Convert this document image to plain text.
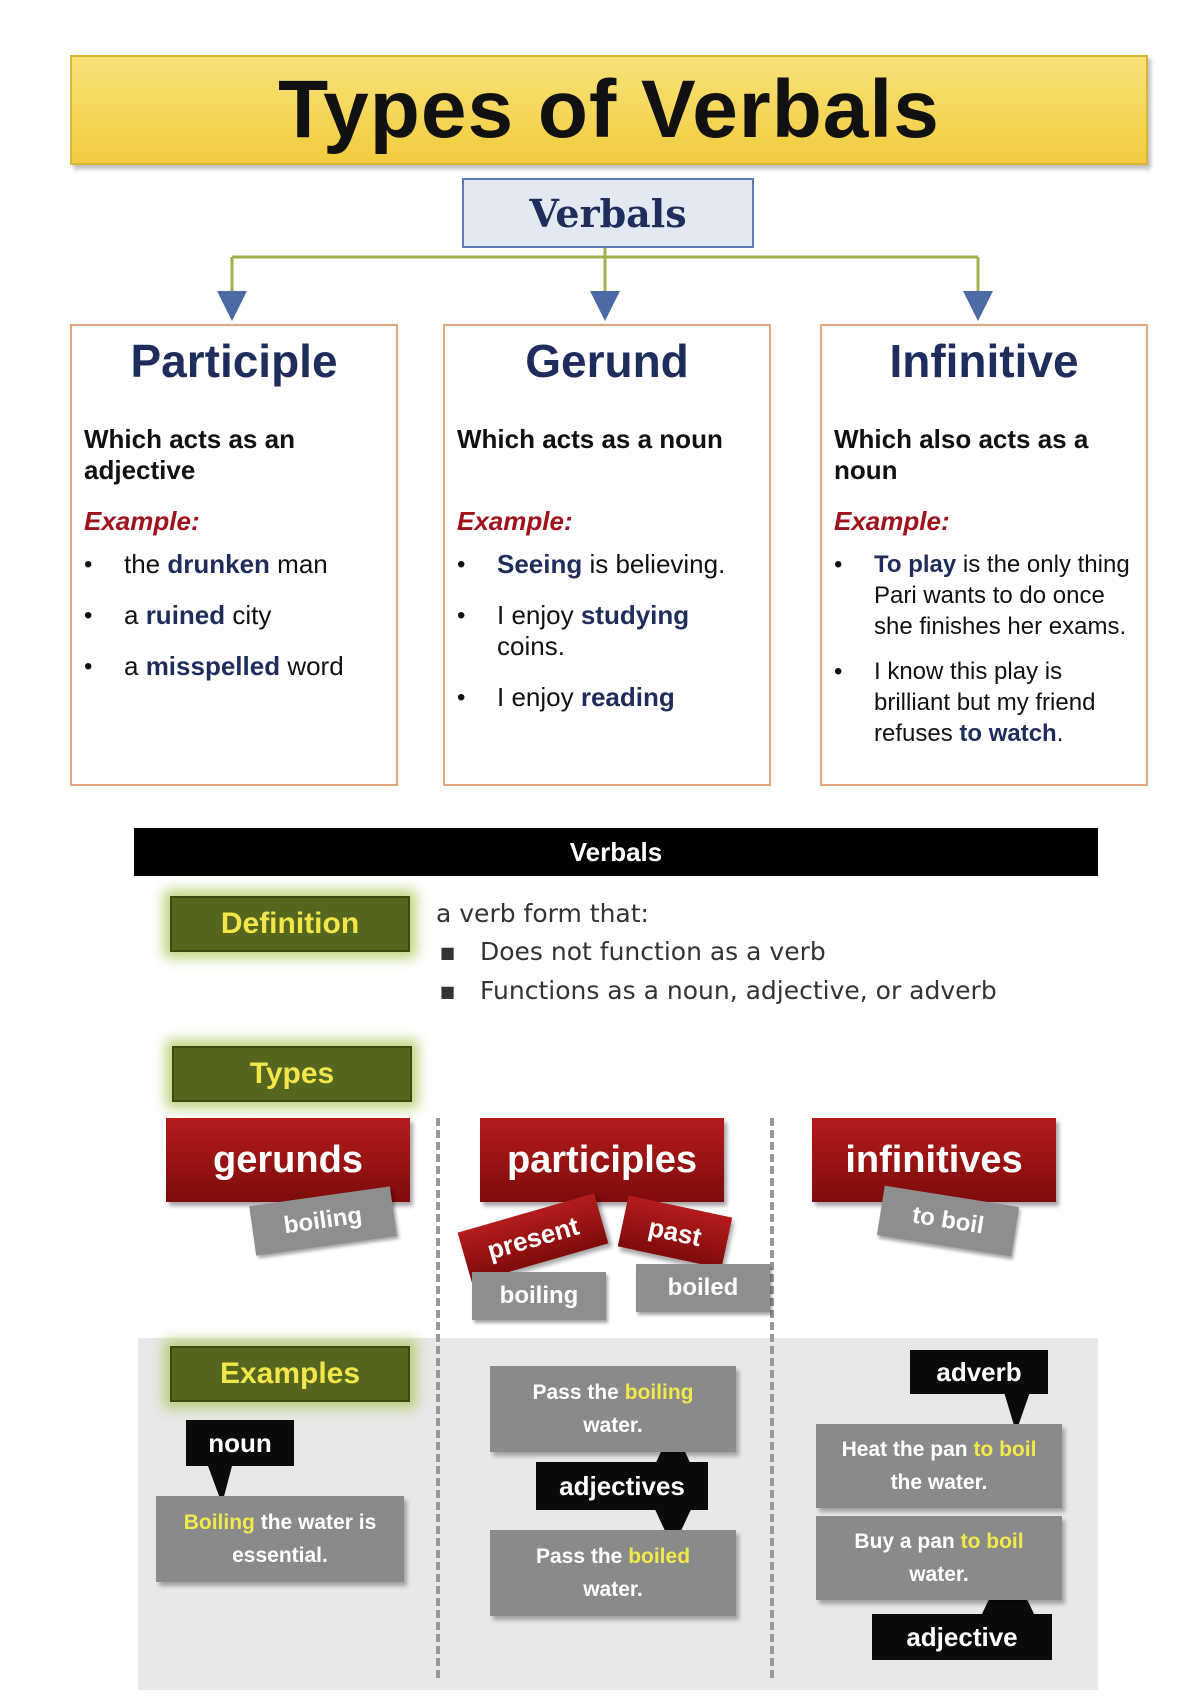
Types of Verbals
Verbals
Participle
Which acts as an adjective
Example:
• the drunken man
• a ruined city
• a misspelled word
Gerund
Which acts as a noun
Example:
• Seeing is believing.
• I enjoy studying coins.
• I enjoy reading
Infinitive
Which also acts as a noun
Example:
• To play is the only thing Pari wants to do once she finishes her exams.
• I know this play is brilliant but my friend refuses to watch.
Verbals
Definition	a verb form that:
■ Does not function as a verb
■ Functions as a noun, adjective, or adverb
Types
gerunds
boiling
participles
present past
boiling	boiled
infinitives
to boil
Examples
noun

Boiling the water is essential.

Pass the boiling water.

adjectives

Pass the boiled water.

adverb

Heat the pan to boil the water.

Buy a pan to boil water.

adjective
